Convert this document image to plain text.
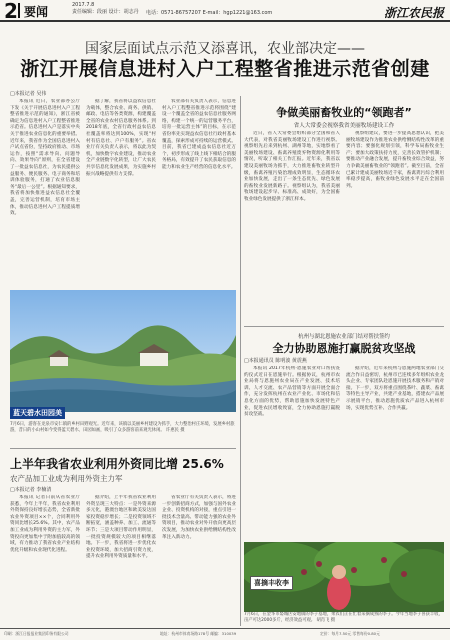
2 要闻	2017.7.8
责任编辑：段丽 设计：胡志丹 电话：0571-86757207 E-mail：hgp1221@163.com	浙江农民报
国家层面试点示范又添喜讯，农业部决定——
浙江开展信息进村入户工程整省推进示范省创建
□本报记者 吴伟

本报讯 近日，农业部办公厅下发《关于开展信息进村入户工程整省推进示范的通知》，浙江省被确定为信息进村入户工程整省推进示范省。信息进村入户是落实中央关于推进农业信息化的重要举措。近年来，我省作为全国信息进村入户试点省份，坚持政府推动、市场运作，按照“需求导向、问题导向、效果导向”原则，在全省建设了一批益农信息社，为农民提供公益服务、便民服务、电子商务和培训体验服务，打通了农业信息服务“最后一公里”。根据通知要求，我省将加快推进益农信息社全覆盖，完善运营机制，培育市场主体，推动信息进村入户工程提质增效。

据了解，我省将以益农信息社为载体，整合农业、商务、供销、邮政、电信等各类资源，构建覆盖全省的农业农村信息服务体系。到2018年底，全省行政村益农信息社覆盖率将达到100%，实现“村村有信息社、户户有服务”。省农业厅有关负责人表示，将以此为契机，加快数字农业建设，推动农业全产业链数字化转型，让广大农民共享信息化发展成果，为实施乡村振兴战略提供有力支撑。

农业部有关负责人表示，信息进村入户工程整省推进示范将围绕“建设一个覆盖全省的益农信息社服务网络，构建一个统一的运营服务平台，培育一批运营主体”的目标，在示范省份率先实现益农信息社行政村基本覆盖，探索形成可持续的运营模式。目前，我省已建成益农信息社近万个，初步形成了线上线下相结合的服务格局，有效提升了农民获取信息的能力和农业生产经营的信息化水平。

争做美丽畜牧业的“领跑者”
省人大常委会视察我省美丽牧场建设工作

近日，省人大常委会组织部分全国和省人大代表，对我省美丽牧场建设工作进行视察。视察组先后来到杭州、湖州等地，实地察看了美丽牧场建设、畜禽养殖废弃物资源化利用等情况，听取了相关工作汇报。近年来，我省以建设美丽牧场为抓手，大力推进畜牧业转型升级，畜禽养殖污染治理成效明显，生态循环农业加快发展，走出了一条生态优先、绿色发展的畜牧业发展新路子。视察组认为，我省美丽牧场建设起步早、标准高、成效好，为全国畜牧业绿色发展提供了浙江样本。

视察组建议，要进一步提高思想认识，把美丽牧场建设作为推进农业供给侧结构性改革的重要内容；要强化规划引领，科学布局畜牧业生产；要加大政策扶持力度，完善长效管护机制；要推动产业融合发展，提升畜牧业综合效益，努力争做美丽畜牧业的“领跑者”。截至目前，全省已累计建成美丽牧场近千家，畜禽粪污综合利用率稳步提高，畜牧业绿色发展水平走在全国前列。

蓝天碧水田园美
7月6日，游客在龙泉市安仁镇的乡村田野观光。近年来，该镇以美丽乡村建设为抓手，大力整治村庄环境，发展乡村旅游，昔日的小山村如今变得蓝天碧水、田园如画，吸引了众多游客前来观光休闲。 许惠民 摄
杭州与湖北恩施农业部门结对帮扶签约
全力协助恩施打赢脱贫攻坚战
□本报通讯员 陈明波 黄震燕

本报讯 2017年杭州·恩施农业对口帮扶签约仪式近日在恩施举行。根据协议，杭州市农业局将与恩施州农业局在产业发展、技术培训、人才交流、农产品营销等方面开展全面合作，充分发挥杭州在农业产业化、市场化和信息化方面的优势，帮助恩施加快发展特色产业，促进农民增收致富，全力协助恩施打赢脱贫攻坚战。

据介绍，近年来杭州与恩施两地农业部门交流合作日益密切，杭州市已连续多年组织农业龙头企业、专家团队赴恩施开展技术服务和产销对接。下一步，双方将重点围绕茶叶、蔬菜、畜禽等特色主导产业，共建产业基地，搭建农产品展示展销平台，推动恩施优质农产品进入杭州市场，实现优势互补、合作共赢。

上半年我省农业利用外资同比增 25.6%
农产品加工业成为利用外资主力军
□本报记者 李楠清

本报讯 记者日前从省农业厅获悉，今年上半年，我省农业利用外资保持良好增长态势，全省新批农业外资项目××个，合同利用外资同比增长25.6%。其中，农产品加工业成为利用外资的主力军，外资投向更加集中于附加值较高的领域，有力推动了我省农业产业结构优化升级和农业现代化进程。

据介绍，上半年我省农业利用外资呈现三大特点：一是外资来源多元化，港澳台地区和欧美发达国家投资稳步增长；二是投资领域不断拓宽，涵盖种养、加工、流通等环节；三是大项目带动作用明显，一批投资规模较大的项目相继落地。下一步，我省将进一步优化农业投资环境，加大招商引资力度，提升农业利用外资质量和水平。

省农业厅有关负责人表示，将进一步创新招商方式，加强与国外农业企业、投资机构的对接，重点引进一批技术含量高、带动能力强的农业外资项目，推动农业对外开放向更高层次发展，为加快农业供给侧结构性改革注入新动力。

喜摘丰收李
7月6日，在金华市婺城区安地镇的李子基地，果农们正在忙着采摘成熟的李子。今年当地李子喜获丰收，亩产可达2000多斤，经济效益可观。 胡肖飞 摄
印刷：浙江日报报业集团印务有限公司	地址：杭州市体育场路178号 邮编：310039	定价：每月7.50元 零售每份0.80元
